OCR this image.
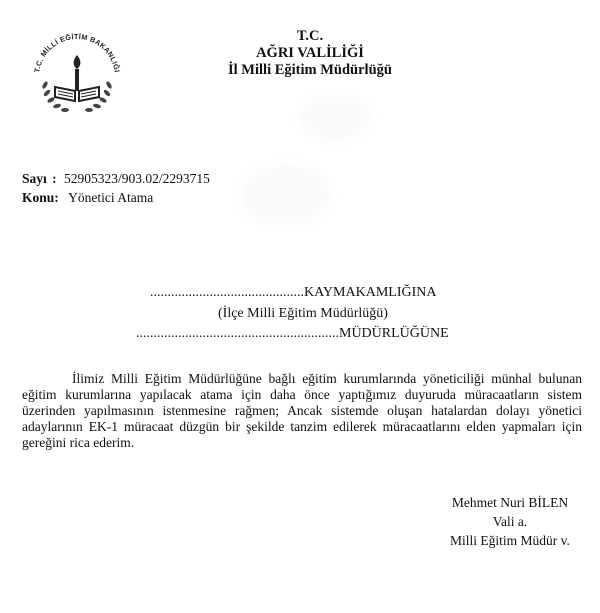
T.C. MİLLİ EĞİTİM BAKANLIĞI
T.C.
AĞRI VALİLİĞİ
İl Milli Eğitim Müdürlüğü
Sayı : 52905323/903.02/2293715
Konu: Yönetici Atama
............................................KAYMAKAMLIĞINA
(İlçe Milli Eğitim Müdürlüğü)
..........................................................MÜDÜRLÜĞÜNE
İlimiz Milli Eğitim Müdürlüğüne bağlı eğitim kurumlarında yöneticiliği münhal bulunan eğitim kurumlarına yapılacak atama için daha önce yaptığımız duyuruda müracaatların sistem üzerinden yapılmasının istenmesine rağmen; Ancak sistemde oluşan hatalardan dolayı yönetici adaylarının EK-1 müracaat düzgün bir şekilde tanzim edilerek müracaatlarını elden yapmaları için gereğini rica ederim.
Mehmet Nuri BİLEN
Vali a.
Milli Eğitim Müdür v.
